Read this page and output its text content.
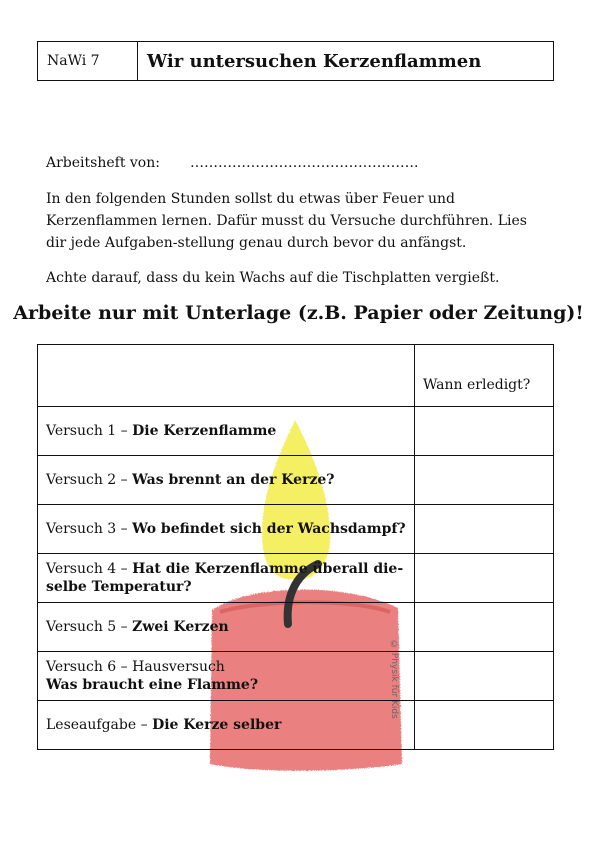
NaWi 7	Wir untersuchen Kerzenflammen
Arbeitsheft von: ………………………………………….

In den folgenden Stunden sollst du etwas über Feuer und Kerzenflammen lernen. Dafür musst du Versuche durchführen. Lies dir jede Aufgaben-stellung genau durch bevor du anfängst.

Achte darauf, dass du kein Wachs auf die Tischplatten vergießt.

Arbeite nur mit Unterlage (z.B. Papier oder Zeitung)!

© Physik für Kids
	Wann erledigt?
Versuch 1 – Die Kerzenflamme	
Versuch 2 – Was brennt an der Kerze?	
Versuch 3 – Wo befindet sich der Wachsdampf?	
Versuch 4 – Hat die Kerzenflamme überall die-selbe Temperatur?	
Versuch 5 – Zwei Kerzen	

Versuch 6 – Hausversuch
Was braucht eine Flamme?	
Leseaufgabe – Die Kerze selber	
